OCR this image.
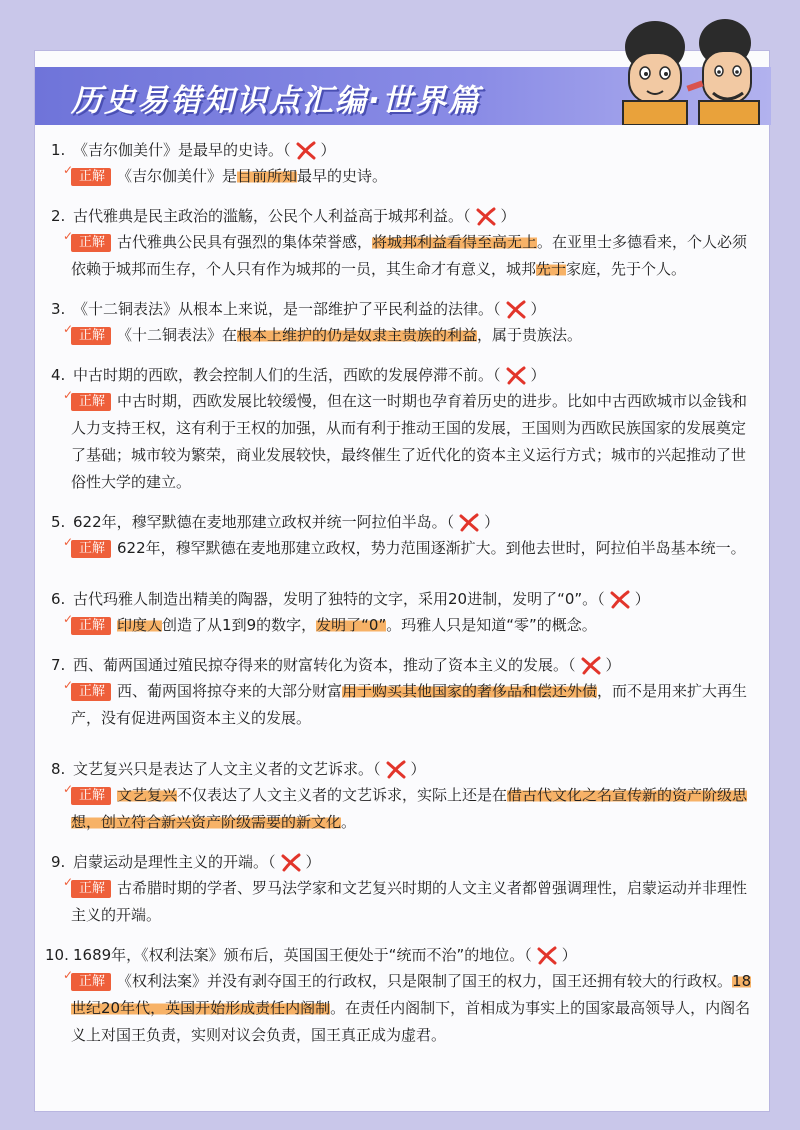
历史易错知识点汇编·世界篇
1. 《吉尔伽美什》是最早的史诗。（ ）
✓ 正解 《吉尔伽美什》是目前所知最早的史诗。
2. 古代雅典是民主政治的滥觞，公民个人利益高于城邦利益。（ ）
✓ 正解 古代雅典公民具有强烈的集体荣誉感，将城邦利益看得至高无上。在亚里士多德看来，个人必须依赖于城邦而生存，个人只有作为城邦的一员，其生命才有意义，城邦先于家庭，先于个人。
3. 《十二铜表法》从根本上来说，是一部维护了平民利益的法律。（ ）
✓ 正解 《十二铜表法》在根本上维护的仍是奴隶主贵族的利益，属于贵族法。
4. 中古时期的西欧，教会控制人们的生活，西欧的发展停滞不前。（ ）
✓ 正解 中古时期，西欧发展比较缓慢，但在这一时期也孕育着历史的进步。比如中古西欧城市以金钱和人力支持王权，这有利于王权的加强，从而有利于推动王国的发展，王国则为西欧民族国家的发展奠定了基础；城市较为繁荣，商业发展较快，最终催生了近代化的资本主义运行方式；城市的兴起推动了世俗性大学的建立。
5. 622年，穆罕默德在麦地那建立政权并统一阿拉伯半岛。（ ）
✓ 正解 622年，穆罕默德在麦地那建立政权，势力范围逐渐扩大。到他去世时，阿拉伯半岛基本统一。
6. 古代玛雅人制造出精美的陶器，发明了独特的文字，采用20进制，发明了“0”。（ ）
✓ 正解 印度人创造了从1到9的数字，发明了“0”。玛雅人只是知道“零”的概念。
7. 西、葡两国通过殖民掠夺得来的财富转化为资本，推动了资本主义的发展。（ ）
✓ 正解 西、葡两国将掠夺来的大部分财富用于购买其他国家的奢侈品和偿还外债，而不是用来扩大再生产，没有促进两国资本主义的发展。
8. 文艺复兴只是表达了人文主义者的文艺诉求。（ ）
✓ 正解 文艺复兴不仅表达了人文主义者的文艺诉求，实际上还是在借古代文化之名宣传新的资产阶级思想，创立符合新兴资产阶级需要的新文化。
9. 启蒙运动是理性主义的开端。（ ）
✓ 正解 古希腊时期的学者、罗马法学家和文艺复兴时期的人文主义者都曾强调理性，启蒙运动并非理性主义的开端。
10. 1689年，《权利法案》颁布后，英国国王便处于“统而不治”的地位。（ ）
✓ 正解 《权利法案》并没有剥夺国王的行政权，只是限制了国王的权力，国王还拥有较大的行政权。18世纪20年代，英国开始形成责任内阁制。在责任内阁制下，首相成为事实上的国家最高领导人，内阁名义上对国王负责，实则对议会负责，国王真正成为虚君。
